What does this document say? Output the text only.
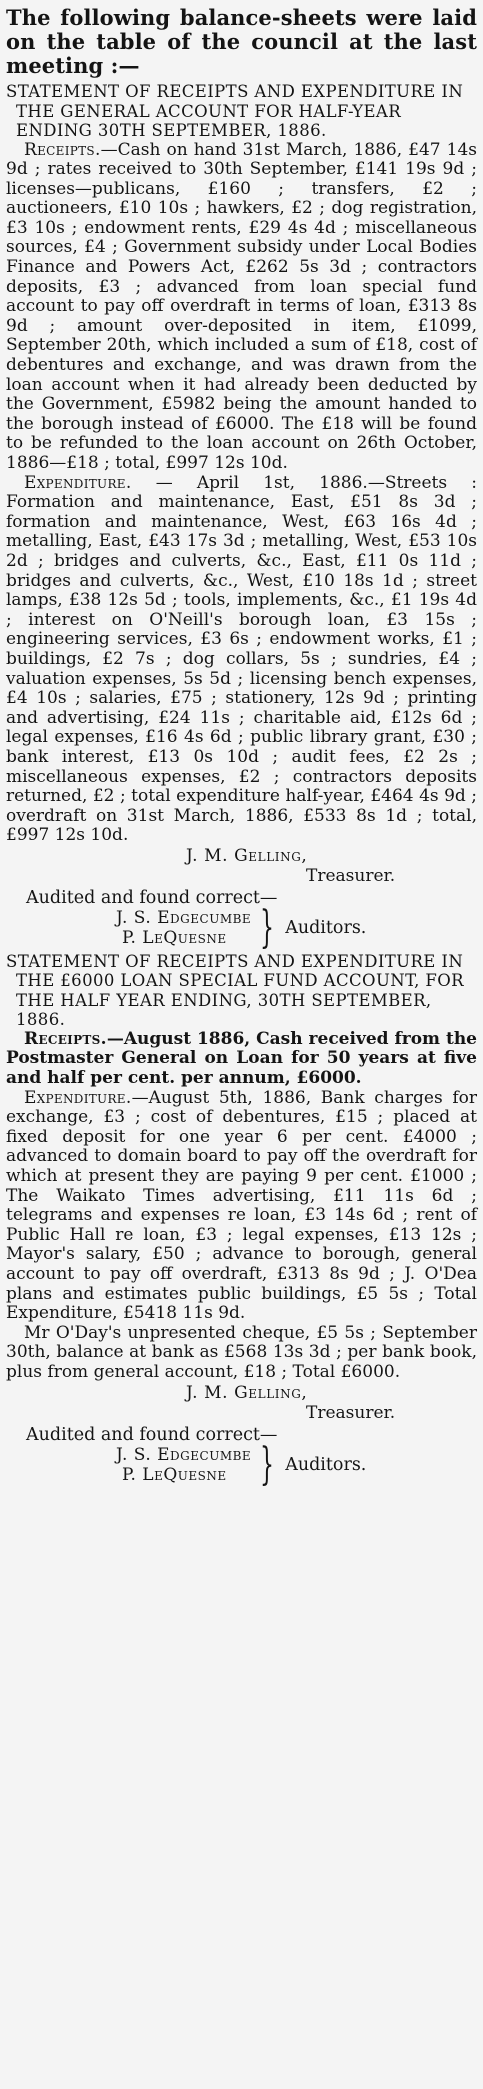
The following balance-sheets were laid on the table of the council at the last meeting :—

STATEMENT OF RECEIPTS AND EXPENDITURE IN THE GENERAL ACCOUNT FOR HALF-YEAR ENDING 30TH SEPTEMBER, 1886.

Receipts.—Cash on hand 31st March, 1886, £47 14s 9d ; rates received to 30th September, £141 19s 9d ; licenses—publicans, £160 ; transfers, £2 ; auctioneers, £10 10s ; hawkers, £2 ; dog registration, £3 10s ; endowment rents, £29 4s 4d ; miscellaneous sources, £4 ; Government subsidy under Local Bodies Finance and Powers Act, £262 5s 3d ; contractors deposits, £3 ; advanced from loan special fund account to pay off overdraft in terms of loan, £313 8s 9d ; amount over-deposited in item, £1099, September 20th, which included a sum of £18, cost of debentures and exchange, and was drawn from the loan account when it had already been deducted by the Government, £5982 being the amount handed to the borough instead of £6000. The £18 will be found to be refunded to the loan account on 26th October, 1886—£18 ; total, £997 12s 10d.

Expenditure. — April 1st, 1886.—Streets : Formation and maintenance, East, £51 8s 3d ; formation and maintenance, West, £63 16s 4d ; metalling, East, £43 17s 3d ; metalling, West, £53 10s 2d ; bridges and culverts, &c., East, £11 0s 11d ; bridges and culverts, &c., West, £10 18s 1d ; street lamps, £38 12s 5d ; tools, implements, &c., £1 19s 4d ; interest on O'Neill's borough loan, £3 15s ; engineering services, £3 6s ; endowment works, £1 ; buildings, £2 7s ; dog collars, 5s ; sundries, £4 ; valuation expenses, 5s 5d ; licensing bench expenses, £4 10s ; salaries, £75 ; stationery, 12s 9d ; printing and advertising, £24 11s ; charitable aid, £12s 6d ; legal expenses, £16 4s 6d ; public library grant, £30 ; bank interest, £13 0s 10d ; audit fees, £2 2s ; miscellaneous expenses, £2 ; contractors deposits returned, £2 ; total expenditure half-year, £464 4s 9d ; overdraft on 31st March, 1886, £533 8s 1d ; total, £997 12s 10d.

J. M. Gelling,

Treasurer.

Audited and found correct—

J. S. Edgecumbe
P. LeQuesne } Auditors.

STATEMENT OF RECEIPTS AND EXPENDITURE IN THE £6000 LOAN SPECIAL FUND ACCOUNT, FOR THE HALF YEAR ENDING, 30TH SEPTEMBER, 1886.

Receipts.—August 1886, Cash received from the Postmaster General on Loan for 50 years at five and half per cent. per annum, £6000.

Expenditure.—August 5th, 1886, Bank charges for exchange, £3 ; cost of debentures, £15 ; placed at fixed deposit for one year 6 per cent. £4000 ; advanced to domain board to pay off the overdraft for which at present they are paying 9 per cent. £1000 ; The Waikato Times advertising, £11 11s 6d ; telegrams and expenses re loan, £3 14s 6d ; rent of Public Hall re loan, £3 ; legal expenses, £13 12s ; Mayor's salary, £50 ; advance to borough, general account to pay off overdraft, £313 8s 9d ; J. O'Dea plans and estimates public buildings, £5 5s ; Total Expenditure, £5418 11s 9d.

Mr O'Day's unpresented cheque, £5 5s ; September 30th, balance at bank as £568 13s 3d ; per bank book, plus from general account, £18 ; Total £6000.

J. M. Gelling,

Treasurer.

Audited and found correct—

J. S. Edgecumbe
P. LeQuesne } Auditors.
